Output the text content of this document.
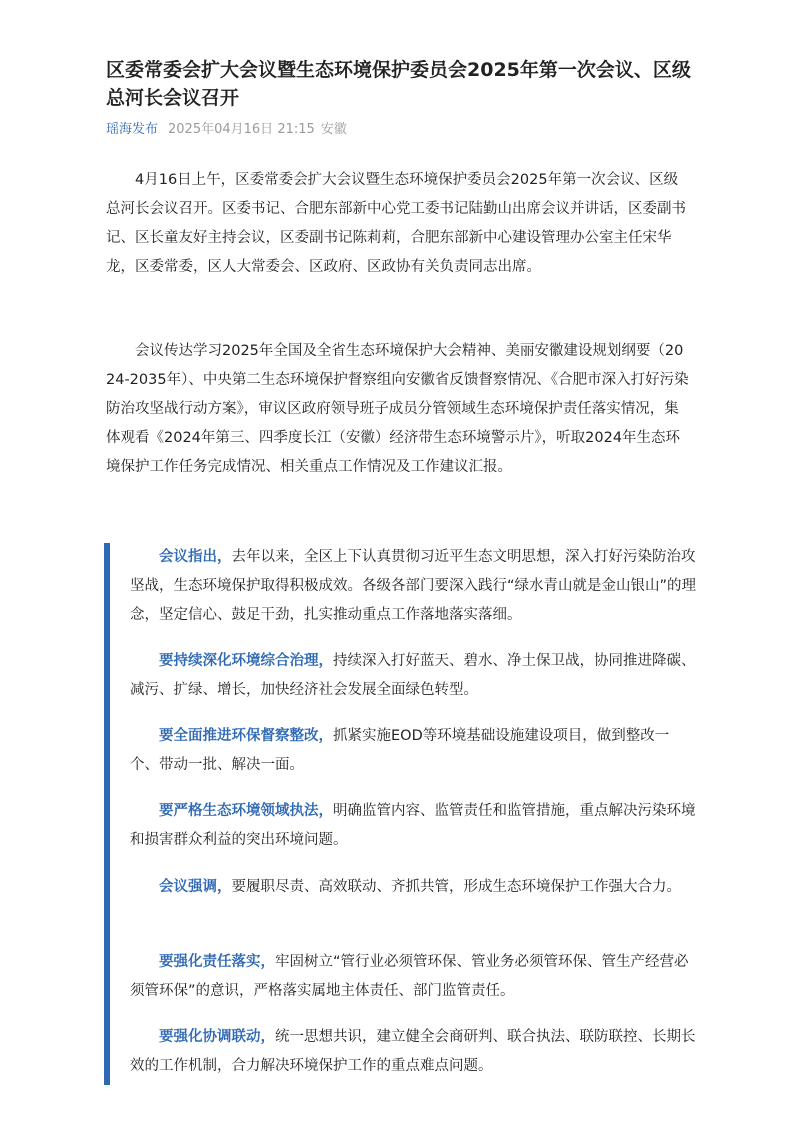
区委常委会扩大会议暨生态环境保护委员会2025年第一次会议、区级总河长会议召开
瑶海发布 2025年04月16日 21:15 安徽

4月16日上午，区委常委会扩大会议暨生态环境保护委员会2025年第一次会议、区级总河长会议召开。区委书记、合肥东部新中心党工委书记陆勤山出席会议并讲话，区委副书记、区长童友好主持会议，区委副书记陈莉莉，合肥东部新中心建设管理办公室主任宋华龙，区委常委，区人大常委会、区政府、区政协有关负责同志出席。

会议传达学习2025年全国及全省生态环境保护大会精神、美丽安徽建设规划纲要（2024-2035年）、中央第二生态环境保护督察组向安徽省反馈督察情况、《合肥市深入打好污染防治攻坚战行动方案》，审议区政府领导班子成员分管领域生态环境保护责任落实情况，集体观看《2024年第三、四季度长江（安徽）经济带生态环境警示片》，听取2024年生态环境保护工作任务完成情况、相关重点工作情况及工作建议汇报。

会议指出，去年以来，全区上下认真贯彻习近平生态文明思想，深入打好污染防治攻坚战，生态环境保护取得积极成效。各级各部门要深入践行“绿水青山就是金山银山”的理念，坚定信心、鼓足干劲，扎实推动重点工作落地落实落细。

要持续深化环境综合治理，持续深入打好蓝天、碧水、净土保卫战，协同推进降碳、减污、扩绿、增长，加快经济社会发展全面绿色转型。

要全面推进环保督察整改，抓紧实施EOD等环境基础设施建设项目，做到整改一个、带动一批、解决一面。

要严格生态环境领域执法，明确监管内容、监管责任和监管措施，重点解决污染环境和损害群众利益的突出环境问题。

会议强调，要履职尽责、高效联动、齐抓共管，形成生态环境保护工作强大合力。

要强化责任落实，牢固树立“管行业必须管环保、管业务必须管环保、管生产经营必须管环保”的意识，严格落实属地主体责任、部门监管责任。

要强化协调联动，统一思想共识，建立健全会商研判、联合执法、联防联控、长期长效的工作机制，合力解决环境保护工作的重点难点问题。
